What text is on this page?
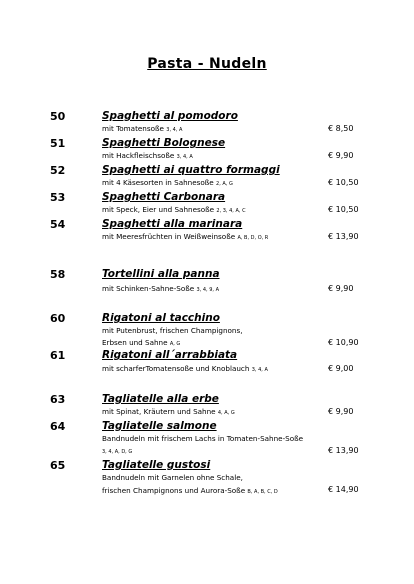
Pasta - Nudeln
50	Spaghetti al pomodoro
mit Tomatensoße 3, 4, A	€ 8,50
51	Spaghetti Bolognese
mit Hackfleischsoße 3, 4, A	€ 9,90
52	Spaghetti ai quattro formaggi
mit 4 Käsesorten in Sahnesoße 2, A, G	€ 10,50
53	Spaghetti Carbonara
mit Speck, Eier und Sahnesoße 2, 3, 4, A, C	€ 10,50
54	Spaghetti alla marinara
mit Meeresfrüchten in Weißweinsoße A, B, D, O, R	€ 13,90
58	Tortellini alla panna
mit Schinken-Sahne-Soße 3, 4, 9, A	€ 9,90
60	Rigatoni al tacchino
mit Putenbrust, frischen Champignons,
Erbsen und Sahne A, G	€ 10,90
61	Rigatoni all´arrabbiata
mit scharferTomatensoße und Knoblauch 3, 4, A	€ 9,00
63	Tagliatelle alla erbe
mit Spinat, Kräutern und Sahne 4, A, G	€ 9,90
64	Tagliatelle salmone
Bandnudeln mit frischem Lachs in Tomaten-Sahne-Soße
3, 4, A, D, G	€ 13,90
65	Tagliatelle gustosi
Bandnudeln mit Garnelen ohne Schale,
frischen Champignons und Aurora-Soße B, A, B, C, D	€ 14,90
